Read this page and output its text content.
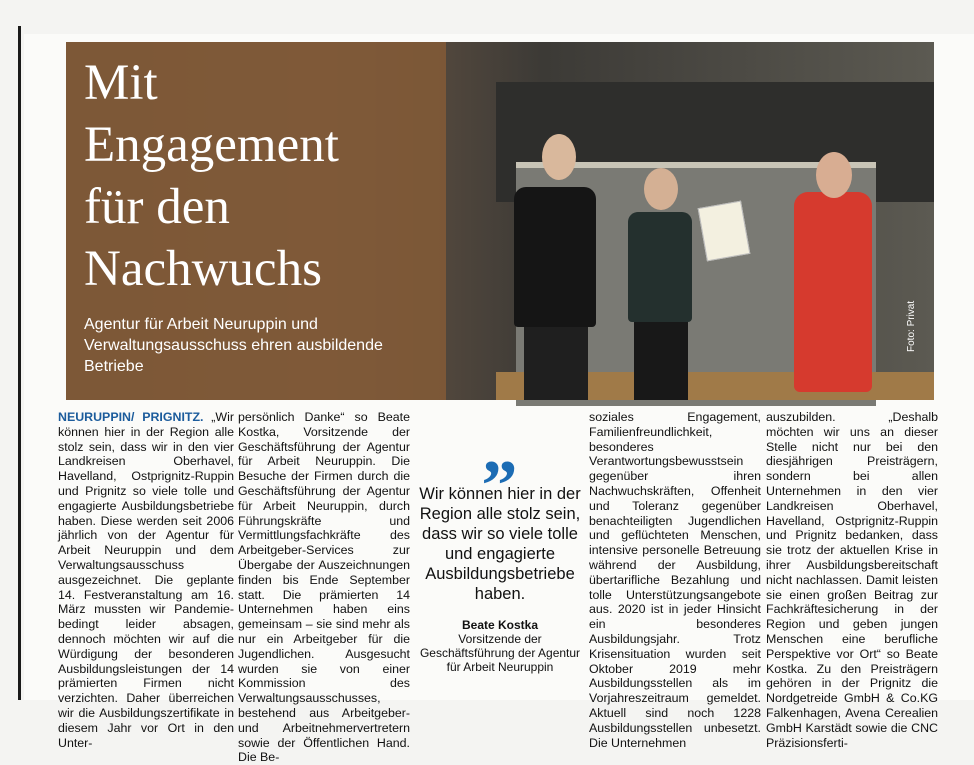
Mit Engagement für den Nachwuchs

Agentur für Arbeit Neuruppin und Verwaltungsausschuss ehren ausbildende Betriebe

Foto: Privat

NEURUPPIN/ PRIGNITZ. „Wir können hier in der Region alle stolz sein, dass wir in den vier Landkreisen Oberhavel, Havelland, Ostprignitz-Ruppin und Prignitz so viele tolle und engagierte Ausbildungsbetriebe haben. Diese werden seit 2006 jährlich von der Agentur für Arbeit Neuruppin und dem Verwaltungsausschuss ausgezeichnet. Die geplante 14. Festveranstaltung am 16. März mussten wir Pandemie-bedingt leider absagen, dennoch möchten wir auf die Würdigung der besonderen Ausbildungsleistungen der 14 prämierten Firmen nicht verzichten. Daher überreichen wir die Ausbildungszertifikate in diesem Jahr vor Ort in den Unter-

persönlich Danke“ so Beate Kostka, Vorsitzende der Geschäftsführung der Agentur für Arbeit Neuruppin. Die Besuche der Firmen durch die Geschäftsführung der Agentur für Arbeit Neuruppin, durch Führungskräfte und Vermittlungsfachkräfte des Arbeitgeber-Services zur Übergabe der Auszeichnungen finden bis Ende September statt. Die prämierten 14 Unternehmen haben eins gemeinsam – sie sind mehr als nur ein Arbeitgeber für die Jugendlichen. Ausgesucht wurden sie von einer Kommission des Verwaltungsausschusses, bestehend aus Arbeitgeber- und Arbeitnehmervertretern sowie der Öffentlichen Hand. Die Be-

„

Wir können hier in der Region alle stolz sein, dass wir so viele tolle und engagierte Ausbildungsbetriebe haben.

Beate Kostka
Vorsitzende der Geschäftsführung der Agentur für Arbeit Neuruppin

soziales Engagement, Familienfreundlichkeit, besonderes Verantwortungsbewusstsein gegenüber ihren Nachwuchskräften, Offenheit und Toleranz gegenüber benachteiligten Jugendlichen und geflüchteten Menschen, intensive personelle Betreuung während der Ausbildung, übertarifliche Bezahlung und tolle Unterstützungsangebote aus. 2020 ist in jeder Hinsicht ein besonderes Ausbildungsjahr. Trotz Krisensituation wurden seit Oktober 2019 mehr Ausbildungsstellen als im Vorjahreszeitraum gemeldet. Aktuell sind noch 1228 Ausbildungsstellen unbesetzt. Die Unternehmen

auszubilden. „Deshalb möchten wir uns an dieser Stelle nicht nur bei den diesjährigen Preisträgern, sondern bei allen Unternehmen in den vier Landkreisen Oberhavel, Havelland, Ostprignitz-Ruppin und Prignitz bedanken, dass sie trotz der aktuellen Krise in ihrer Ausbildungsbereitschaft nicht nachlassen. Damit leisten sie einen großen Beitrag zur Fachkräftesicherung in der Region und geben jungen Menschen eine berufliche Perspektive vor Ort“ so Beate Kostka. Zu den Preisträgern gehören in der Prignitz die Nordgetreide GmbH & Co.KG Falkenhagen, Avena Cerealien GmbH Karstädt sowie die CNC Präzisionsferti-
